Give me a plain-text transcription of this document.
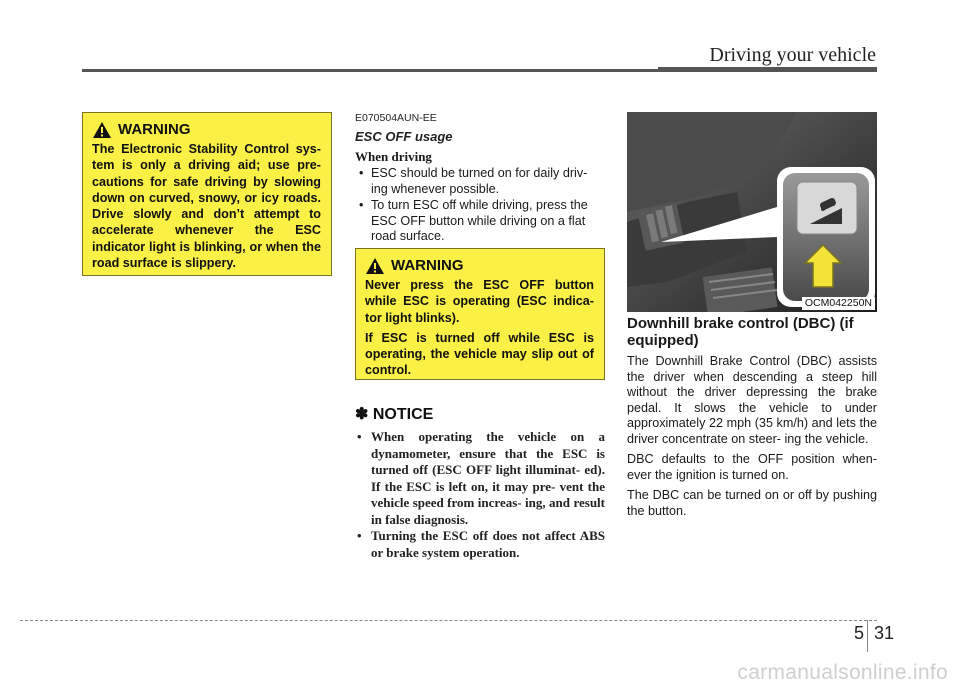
Driving your vehicle
WARNING

The Electronic Stability Control sys- tem is only a driving aid; use pre- cautions for safe driving by slowing down on curved, snowy, or icy roads. Drive slowly and don’t attempt to accelerate whenever the ESC indicator light is blinking, or when the road surface is slippery.

E070504AUN-EE
ESC OFF usage
When driving
• ESC should be turned on for daily driv- ing whenever possible.
• To turn ESC off while driving, press the ESC OFF button while driving on a flat road surface.
WARNING

Never press the ESC OFF button while ESC is operating (ESC indica- tor light blinks).

If ESC is turned off while ESC is operating, the vehicle may slip out of control.

✽ NOTICE
• When operating the vehicle on a dynamometer, ensure that the ESC is turned off (ESC OFF light illuminat- ed). If the ESC is left on, it may pre- vent the vehicle speed from increas- ing, and result in false diagnosis.
• Turning the ESC off does not affect ABS or brake system operation.
OCM042250N

Downhill brake control (DBC) (if equipped)

The Downhill Brake Control (DBC) assists the driver when descending a steep hill without the driver depressing the brake pedal. It slows the vehicle to under approximately 22 mph (35 km/h) and lets the driver concentrate on steer- ing the vehicle.

DBC defaults to the OFF position when- ever the ignition is turned on.

The DBC can be turned on or off by pushing the button.

5 31
carmanualsonline.info
